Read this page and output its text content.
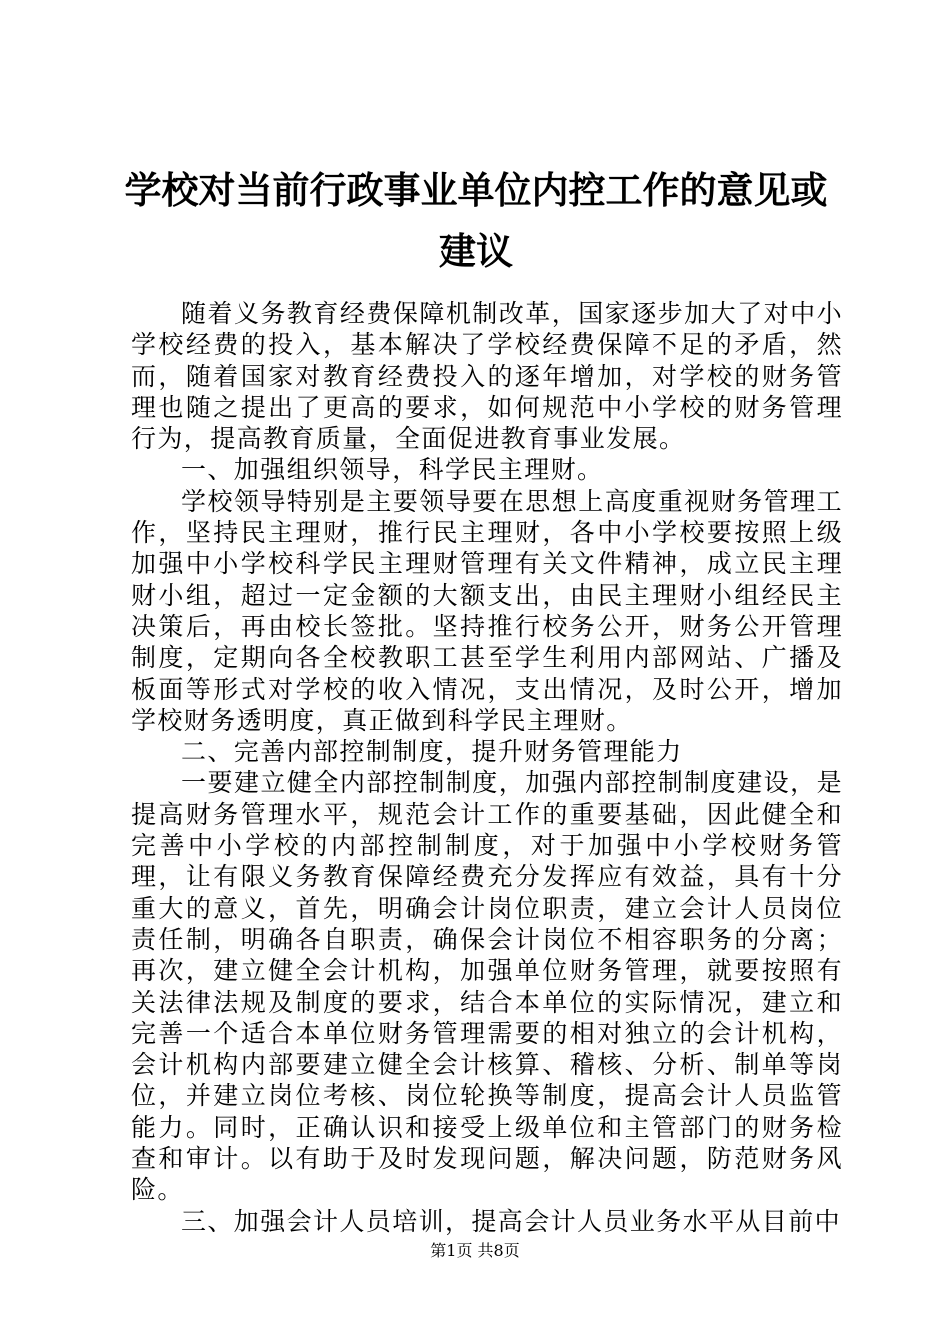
学校对当前行政事业单位内控工作的意见或建议

随着义务教育经费保障机制改革，国家逐步加大了对中小学校经费的投入，基本解决了学校经费保障不足的矛盾，然而，随着国家对教育经费投入的逐年增加，对学校的财务管理也随之提出了更高的要求，如何规范中小学校的财务管理行为，提高教育质量，全面促进教育事业发展。

一、加强组织领导，科学民主理财。

学校领导特别是主要领导要在思想上高度重视财务管理工作，坚持民主理财，推行民主理财，各中小学校要按照上级加强中小学校科学民主理财管理有关文件精神，成立民主理财小组，超过一定金额的大额支出，由民主理财小组经民主决策后，再由校长签批。坚持推行校务公开，财务公开管理制度，定期向各全校教职工甚至学生利用内部网站、广播及板面等形式对学校的收入情况，支出情况，及时公开，增加学校财务透明度，真正做到科学民主理财。

二、完善内部控制制度，提升财务管理能力

一要建立健全内部控制制度，加强内部控制制度建设，是提高财务管理水平，规范会计工作的重要基础，因此健全和完善中小学校的内部控制制度，对于加强中小学校财务管理，让有限义务教育保障经费充分发挥应有效益，具有十分重大的意义，首先，明确会计岗位职责，建立会计人员岗位责任制，明确各自职责，确保会计岗位不相容职务的分离；再次，建立健全会计机构，加强单位财务管理，就要按照有关法律法规及制度的要求，结合本单位的实际情况，建立和完善一个适合本单位财务管理需要的相对独立的会计机构，会计机构内部要建立健全会计核算、稽核、分析、制单等岗位，并建立岗位考核、岗位轮换等制度，提高会计人员监管能力。同时，正确认识和接受上级单位和主管部门的财务检查和审计。以有助于及时发现问题，解决问题，防范财务风险。

三、加强会计人员培训，提高会计人员业务水平从目前中

第1页 共8页
